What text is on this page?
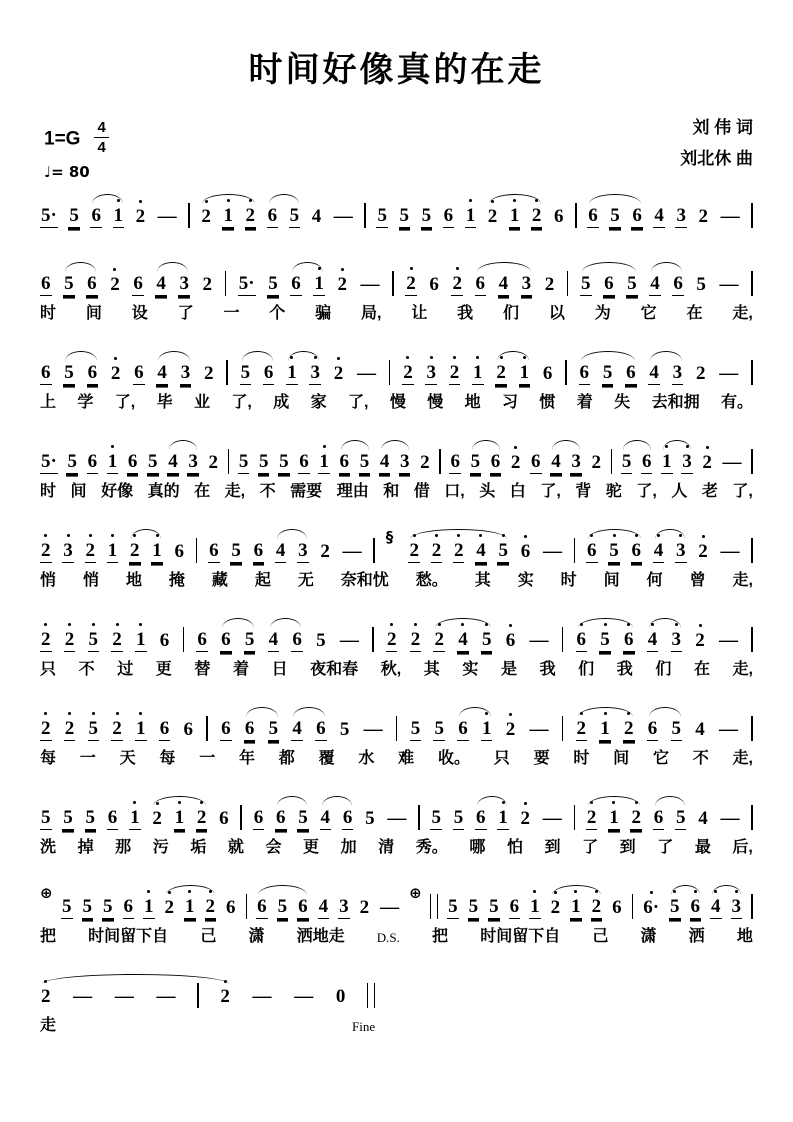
时间好像真的在走
刘 伟 词
刘北休 曲
$1=G \frac{4}{4}$
♩= 80
5· 5 6 1 2 — 2 1 2 6 5 4 — 5 5 5 6 1 2 1 2 6 6 5 6 4 3 2 —
6 5 6 2 6 4 3 2 5· 5 6 1 2 — 2 6 2 6 4 3 2 5 6 5 4 6 5 —
时 间 设 了 一 个 骗 局, 让 我 们 以 为 它 在 走,
6 5 6 2 6 4 3 2 5 6 1 3 2 — 2 3 2 1 2 1 6 6 5 6 4 3 2 —
上 学 了, 毕 业 了, 成 家 了, 慢 慢 地 习 惯 着 失 去和拥 有。
5· 5 6 1 6 5 4 3 2 5 5 5 6 1 6 5 4 3 2 6 5 6 2 6 4 3 2 5 6 1 3 2 —
时 间 好像 真的 在 走, 不 需要 理由 和 借 口, 头 白 了, 背 驼 了, 人 老 了,
2 3 2 1 2 1 6 6 5 6 4 3 2 —
§
2 2 2 4 5 6 — 6 5 6 4 3 2 —
悄 悄 地 掩 藏 起 无 奈和忧 愁。 其 实 时 间 何 曾 走,
2 2 5 2 1 6 6 6 5 4 6 5 — 2 2 2 4 5 6 — 6 5 6 4 3 2 —
只 不 过 更 替 着 日 夜和春 秋, 其 实 是 我 们 我 们 在 走,
2 2 5 2 1 6 6 6 6 5 4 6 5 — 5 5 6 1 2 — 2 1 2 6 5 4 —
每 一 天 每 一 年 都 覆 水 难 收。 只 要 时 间 它 不 走,
5 5 5 6 1 2 1 2 6 6 6 5 4 6 5 — 5 5 6 1 2 — 2 1 2 6 5 4 —
洗 掉 那 污 垢 就 会 更 加 清 秀。 哪 怕 到 了 到 了 最 后,
⊕
5 5 5 6 1 2 1 2 6 6 5 6 4 3 2 —
⊕
5 5 5 6 1 2 1 2 6 6· 5 6 4 3
把 时间留下自 己 潇 洒地走 D.S. 把 时间留下自 己 潇 洒 地
2 — — — 2 — — 0
走	Fine
